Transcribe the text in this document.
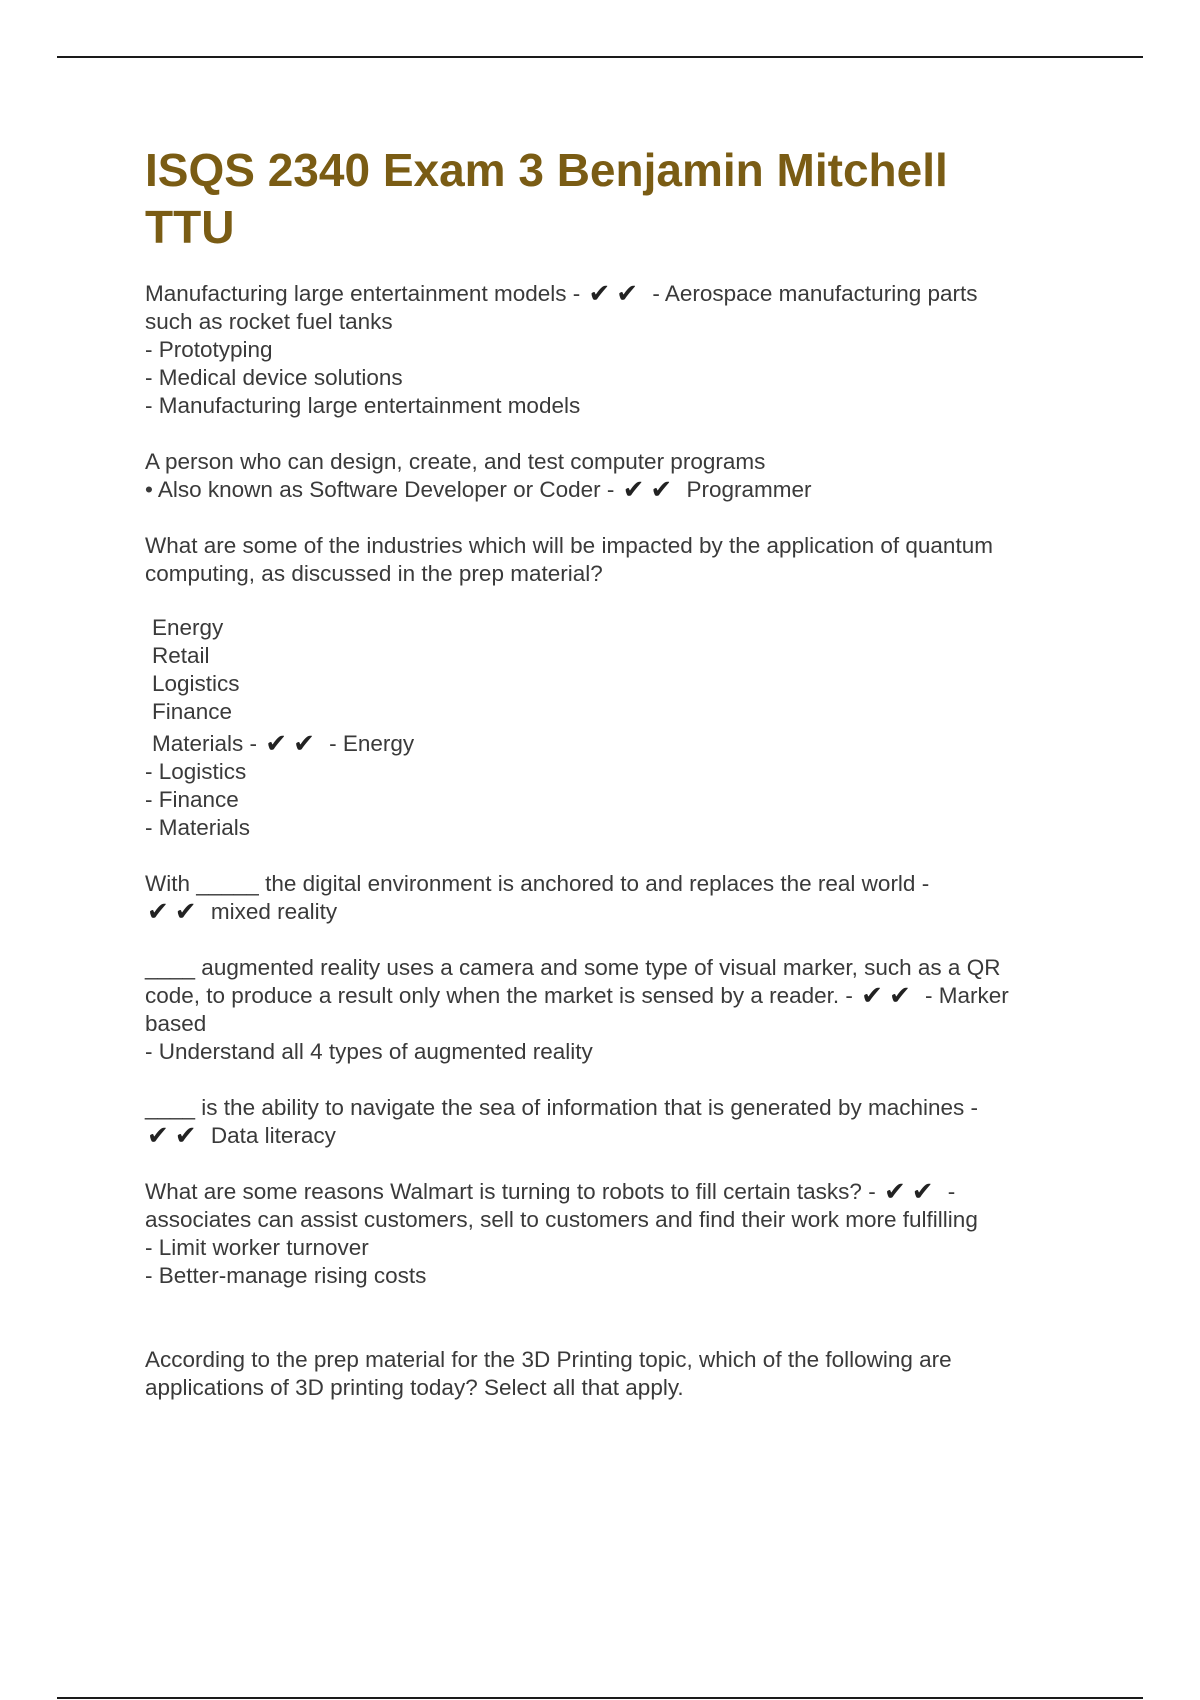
ISQS 2340 Exam 3 Benjamin Mitchell
TTU
Manufacturing large entertainment models - ✔✔ - Aerospace manufacturing parts
such as rocket fuel tanks
- Prototyping
- Medical device solutions
- Manufacturing large entertainment models
A person who can design, create, and test computer programs
• Also known as Software Developer or Coder - ✔✔ Programmer
What are some of the industries which will be impacted by the application of quantum
computing, as discussed in the prep material?
Energy
Retail
Logistics
Finance
Materials - ✔✔ - Energy
- Logistics
- Finance
- Materials
With _____ the digital environment is anchored to and replaces the real world -
✔✔ mixed reality
____ augmented reality uses a camera and some type of visual marker, such as a QR
code, to produce a result only when the market is sensed by a reader. - ✔✔ - Marker
based
- Understand all 4 types of augmented reality
____ is the ability to navigate the sea of information that is generated by machines -
✔✔ Data literacy
What are some reasons Walmart is turning to robots to fill certain tasks? - ✔✔ -
associates can assist customers, sell to customers and find their work more fulfilling
- Limit worker turnover
- Better-manage rising costs
According to the prep material for the 3D Printing topic, which of the following are
applications of 3D printing today? Select all that apply.
